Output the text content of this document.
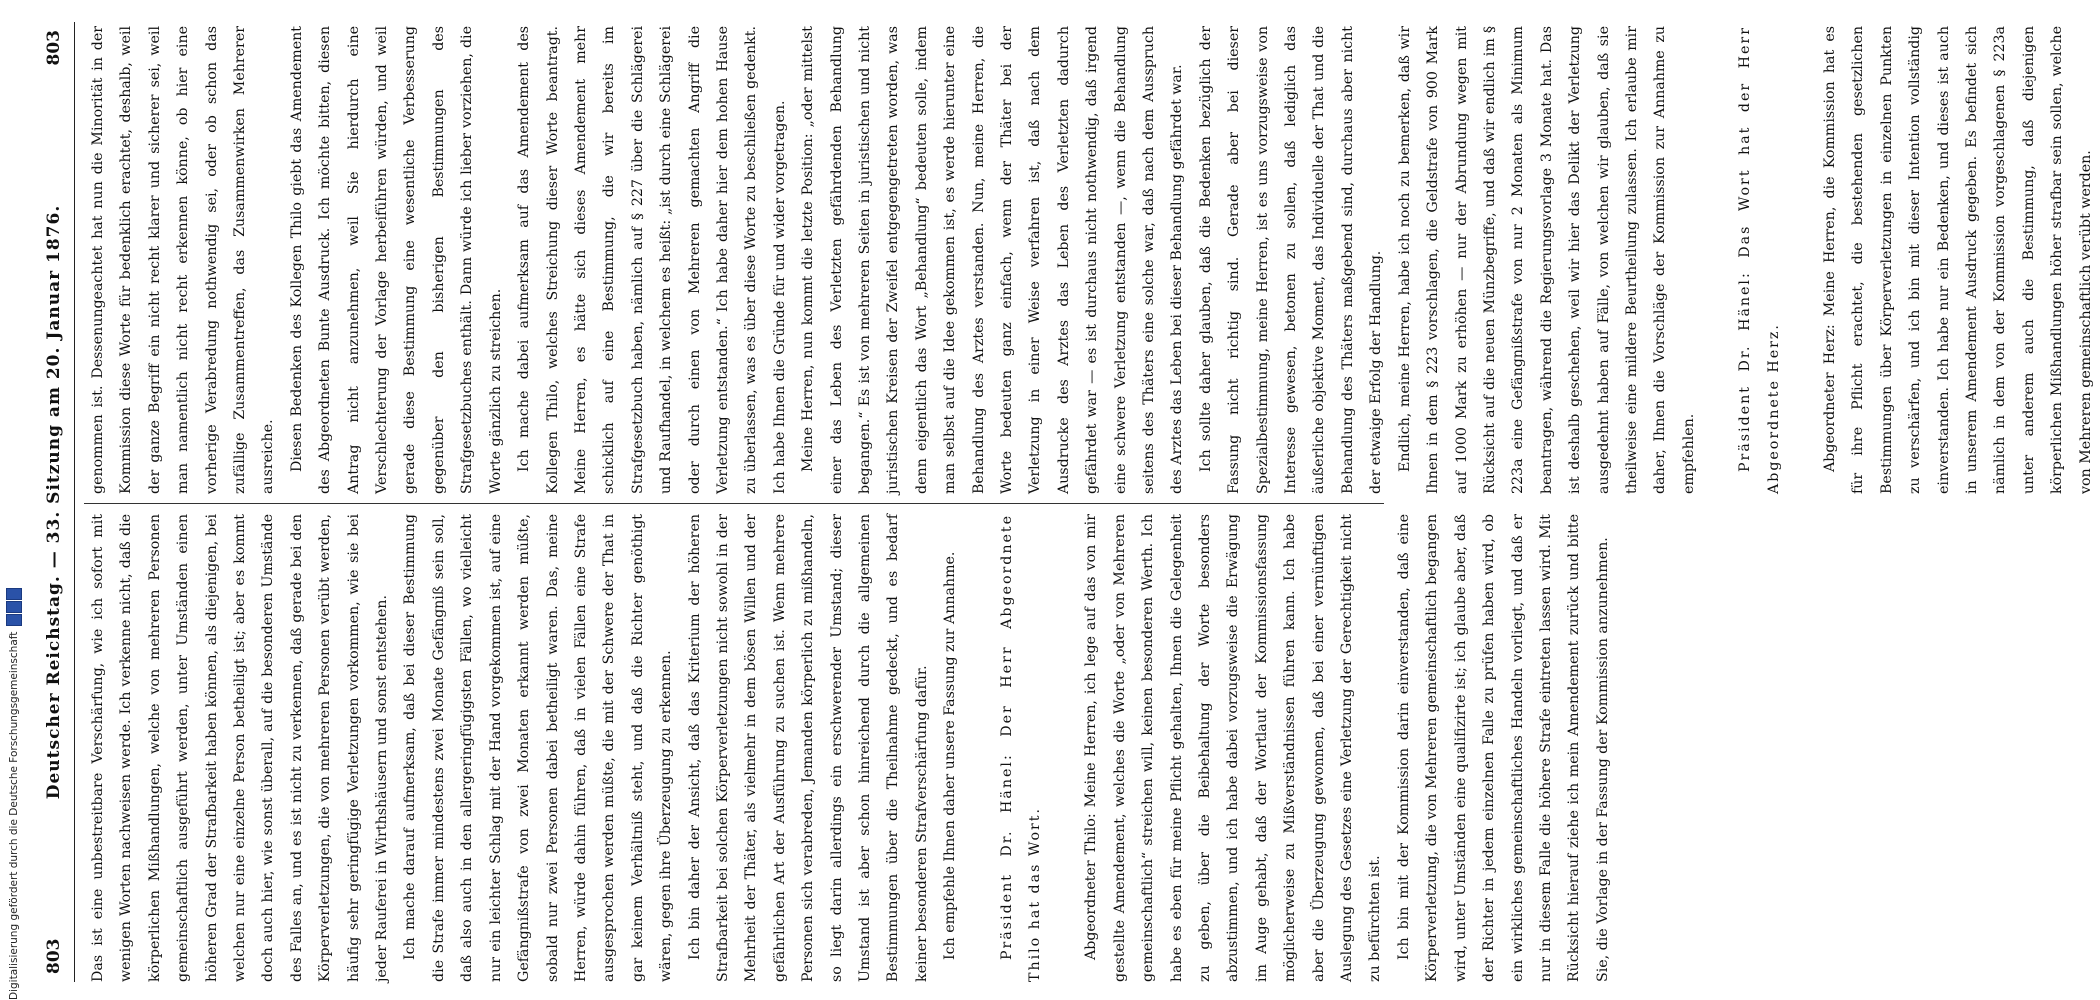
803
Deutscher Reichstag. — 33. Sitzung am 20. Januar 1876.
803

Das ist eine unbestreitbare Verschärfung, wie ich sofort mit wenigen Worten nachweisen werde. Ich verkenne nicht, daß die körperlichen Mißhandlungen, welche von mehreren Personen gemeinschaftlich ausgeführt werden, unter Umständen einen höheren Grad der Strafbarkeit haben können, als diejenigen, bei welchen nur eine einzelne Person betheiligt ist; aber es kommt doch auch hier, wie sonst überall, auf die besonderen Umstände des Falles an, und es ist nicht zu verkennen, daß gerade bei den Körperverletzungen, die von mehreren Personen verübt werden, häufig sehr geringfügige Verletzungen vorkommen, wie sie bei jeder Rauferei in Wirthshäusern und sonst entstehen. Ich mache darauf aufmerksam, daß bei dieser Bestimmung die Strafe immer mindestens zwei Monate Gefängniß sein soll, daß also auch in den allergeringfügigsten Fällen, wo vielleicht nur ein leichter Schlag mit der Hand vorgekommen ist, auf eine Gefängnißstrafe von zwei Monaten erkannt werden müßte, sobald nur zwei Personen dabei betheiligt waren. Das, meine Herren, würde dahin führen, daß in vielen Fällen eine Strafe ausgesprochen werden müßte, die mit der Schwere der That in gar keinem Verhältniß steht, und daß die Richter genöthigt wären, gegen ihre Überzeugung zu erkennen. Ich bin daher der Ansicht, daß das Kriterium der höheren Strafbarkeit bei solchen Körperverletzungen nicht sowohl in der Mehrheit der Thäter, als vielmehr in dem bösen Willen und der gefährlichen Art der Ausführung zu suchen ist. Wenn mehrere Personen sich verabreden, Jemanden körperlich zu mißhandeln, so liegt darin allerdings ein erschwerender Umstand; dieser Umstand ist aber schon hinreichend durch die allgemeinen Bestimmungen über die Theilnahme gedeckt, und es bedarf keiner besonderen Strafverschärfung dafür. Ich empfehle Ihnen daher unsere Fassung zur Annahme.	Präsident Dr. Hänel: Der Herr Abgeordnete Thilo hat das Wort.	Abgeordneter Thilo: Meine Herren, ich lege auf das von mir gestellte Amendement, welches die Worte „oder von Mehreren gemeinschaftlich“ streichen will, keinen besonderen Werth. Ich habe es eben für meine Pflicht gehalten, Ihnen die Gelegenheit zu geben, über die Beibehaltung der Worte besonders abzustimmen, und ich habe dabei vorzugsweise die Erwägung im Auge gehabt, daß der Wortlaut der Kommissionsfassung möglicherweise zu Mißverständnissen führen kann. Ich habe aber die Überzeugung gewonnen, daß bei einer vernünftigen Auslegung des Gesetzes eine Verletzung der Gerechtigkeit nicht zu befürchten ist. Ich bin mit der Kommission darin einverstanden, daß eine Körperverletzung, die von Mehreren gemeinschaftlich begangen wird, unter Umständen eine qualifizirte ist; ich glaube aber, daß der Richter in jedem einzelnen Falle zu prüfen haben wird, ob ein wirkliches gemeinschaftliches Handeln vorliegt, und daß er nur in diesem Falle die höhere Strafe eintreten lassen wird. Mit Rücksicht hierauf ziehe ich mein Amendement zurück und bitte Sie, die Vorlage in der Fassung der Kommission anzunehmen.

genommen ist. Dessenungeachtet hat nun die Minorität in der Kommission diese Worte für bedenklich erachtet, deshalb, weil der ganze Begriff ein nicht recht klarer und sicherer sei, weil man namentlich nicht recht erkennen könne, ob hier eine vorherige Verabredung nothwendig sei, oder ob schon das zufällige Zusammentreffen, das Zusammenwirken Mehrerer ausreiche. Diesen Bedenken des Kollegen Thilo giebt das Amendement des Abgeordneten Bunte Ausdruck. Ich möchte bitten, diesen Antrag nicht anzunehmen, weil Sie hierdurch eine Verschlechterung der Vorlage herbeiführen würden, und weil gerade diese Bestimmung eine wesentliche Verbesserung gegenüber den bisherigen Bestimmungen des Strafgesetzbuches enthält. Dann würde ich lieber vorziehen, die Worte gänzlich zu streichen. Ich mache dabei aufmerksam auf das Amendement des Kollegen Thilo, welches Streichung dieser Worte beantragt. Meine Herren, es hätte sich dieses Amendement mehr schicklich auf eine Bestimmung, die wir bereits im Strafgesetzbuch haben, nämlich auf § 227 über die Schlägerei und Raufhandel, in welchem es heißt: „ist durch eine Schlägerei oder durch einen von Mehreren gemachten Angriff die Verletzung entstanden.“ Ich habe daher hier dem hohen Hause zu überlassen, was es über diese Worte zu beschließen gedenkt. Ich habe Ihnen die Gründe für und wider vorgetragen. Meine Herren, nun kommt die letzte Position: „oder mittelst einer das Leben des Verletzten gefährdenden Behandlung begangen.“ Es ist von mehreren Seiten in juristischen und nicht juristischen Kreisen der Zweifel entgegengetreten worden, was denn eigentlich das Wort „Behandlung“ bedeuten solle, indem man selbst auf die Idee gekommen ist, es werde hierunter eine Behandlung des Arztes verstanden. Nun, meine Herren, die Worte bedeuten ganz einfach, wenn der Thäter bei der Verletzung in einer Weise verfahren ist, daß nach dem Ausdrucke des Arztes das Leben des Verletzten dadurch gefährdet war — es ist durchaus nicht nothwendig, daß irgend eine schwere Verletzung entstanden —, wenn die Behandlung seitens des Thäters eine solche war, daß nach dem Ausspruch des Arztes das Leben bei dieser Behandlung gefährdet war. Ich sollte daher glauben, daß die Bedenken bezüglich der Fassung nicht richtig sind. Gerade aber bei dieser Spezialbestimmung, meine Herren, ist es uns vorzugsweise von Interesse gewesen, betonen zu sollen, daß lediglich das äußerliche objektive Moment, das Individuelle der That und die Behandlung des Thäters maßgebend sind, durchaus aber nicht der etwaige Erfolg der Handlung. Endlich, meine Herren, habe ich noch zu bemerken, daß wir Ihnen in dem § 223 vorschlagen, die Geldstrafe von 900 Mark auf 1000 Mark zu erhöhen — nur der Abrundung wegen mit Rücksicht auf die neuen Münzbegriffe, und daß wir endlich im § 223a eine Gefängnißstrafe von nur 2 Monaten als Minimum beantragen, während die Regierungsvorlage 3 Monate hat. Das ist deshalb geschehen, weil wir hier das Delikt der Verletzung ausgedehnt haben auf Fälle, von welchen wir glauben, daß sie theilweise eine mildere Beurtheilung zulassen. Ich erlaube mir daher, Ihnen die Vorschläge der Kommission zur Annahme zu empfehlen.	Präsident Dr. Hänel: Das Wort hat der Herr Abgeordnete Herz.	Abgeordneter Herz: Meine Herren, die Kommission hat es für ihre Pflicht erachtet, die bestehenden gesetzlichen Bestimmungen über Körperverletzungen in einzelnen Punkten zu verschärfen, und ich bin mit dieser Intention vollständig einverstanden. Ich habe nur ein Bedenken, und dieses ist auch in unserem Amendement Ausdruck gegeben. Es befindet sich nämlich in dem von der Kommission vorgeschlagenen § 223a unter anderem auch die Bestimmung, daß diejenigen körperlichen Mißhandlungen höher strafbar sein sollen, welche von Mehreren gemeinschaftlich verübt werden.

Digitalisierung gefördert durch die Deutsche Forschungsgemeinschaft
